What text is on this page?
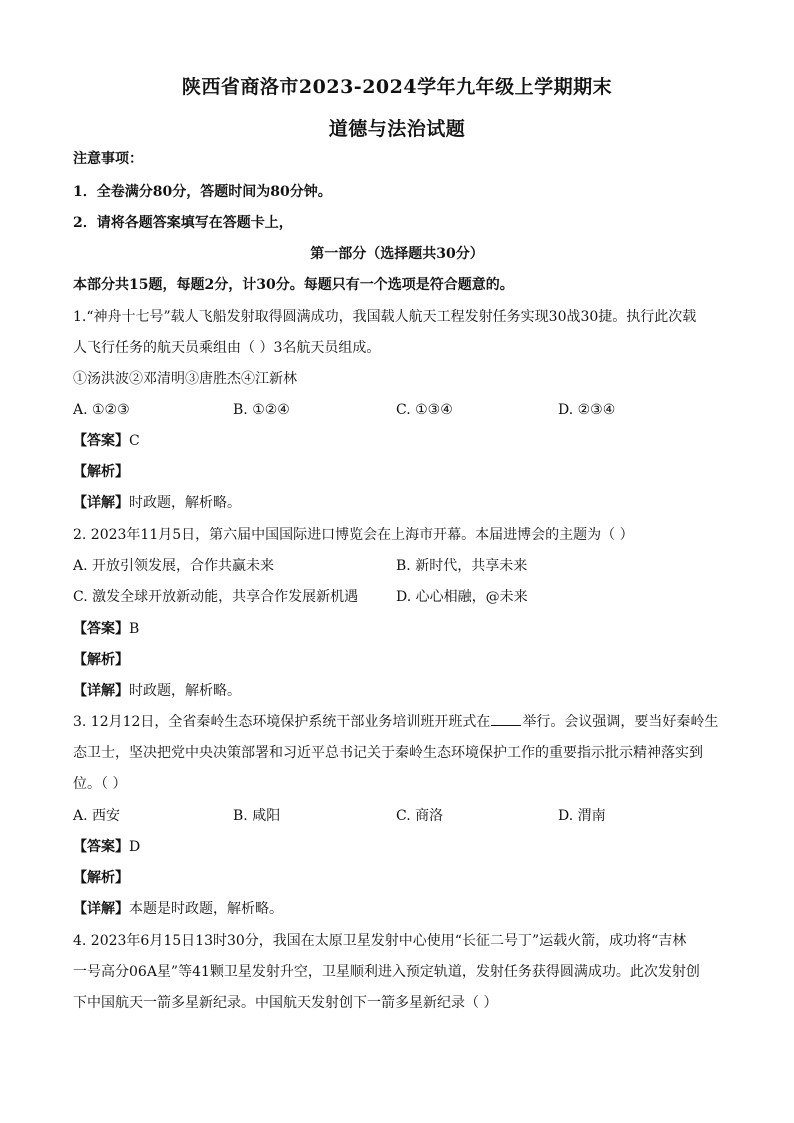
陕西省商洛市2023-2024学年九年级上学期期末
道德与法治试题
注意事项：
1．全卷满分80分，答题时间为80分钟。
2．请将各题答案填写在答题卡上，
第一部分（选择题共30分）
本部分共15题，每题2分，计30分。每题只有一个选项是符合题意的。
1.“神舟十七号”载人飞船发射取得圆满成功，我国载人航天工程发射任务实现30战30捷。执行此次载
人飞行任务的航天员乘组由（ ）3名航天员组成。
①汤洪波②邓清明③唐胜杰④江新林
A. ①②③	B. ①②④	C. ①③④	D. ②③④
【答案】C
【解析】
【详解】时政题，解析略。
2. 2023年11月5日，第六届中国国际进口博览会在上海市开幕。本届进博会的主题为（ ）
A. 开放引领发展，合作共赢未来	B. 新时代，共享未来
C. 激发全球开放新动能，共享合作发展新机遇	D. 心心相融，@未来
【答案】B
【解析】
【详解】时政题，解析略。
3. 12月12日，全省秦岭生态环境保护系统干部业务培训班开班式在 举行。会议强调，要当好秦岭生
态卫士，坚决把党中央决策部署和习近平总书记关于秦岭生态环境保护工作的重要指示批示精神落实到
位。（ ）
A. 西安	B. 咸阳	C. 商洛	D. 渭南
【答案】D
【解析】
【详解】本题是时政题，解析略。
4. 2023年6月15日13时30分，我国在太原卫星发射中心使用“长征二号丁”运载火箭，成功将“吉林
一号高分06A星”等41颗卫星发射升空，卫星顺利进入预定轨道，发射任务获得圆满成功。此次发射创
下中国航天一箭多星新纪录。中国航天发射创下一箭多星新纪录（ ）
